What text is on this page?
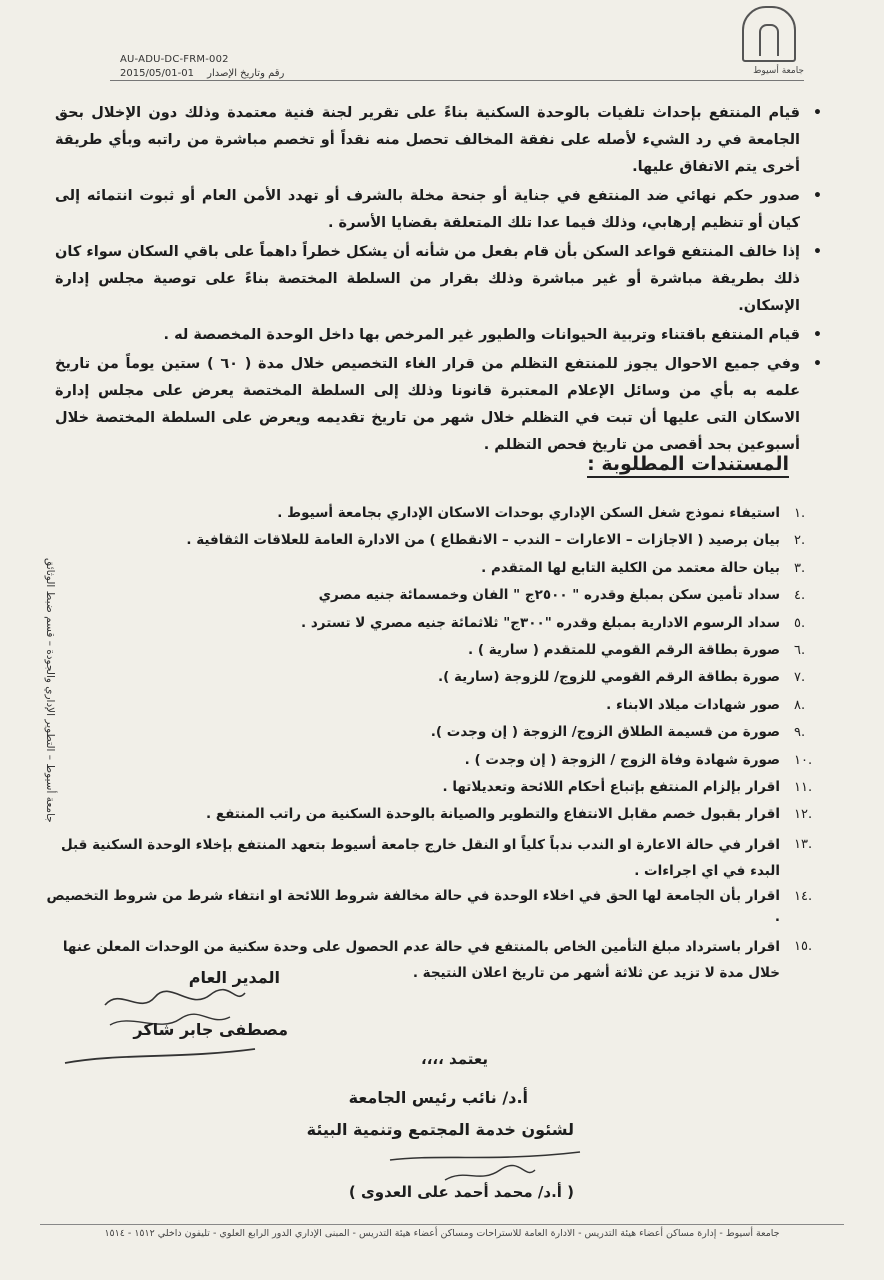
جامعة أسيوط
AU-ADU-DC-FRM-002
2015/05/01-01 رقم وتاريخ الإصدار
• قيام المنتفع بإحداث تلفيات بالوحدة السكنية بناءً على تقرير لجنة فنية معتمدة وذلك دون الإخلال بحق الجامعة في رد الشيء لأصله على نفقة المخالف تحصل منه نقداً أو تخصم مباشرة من راتبه وبأي طريقة أخرى يتم الاتفاق عليها.
• صدور حكم نهائي ضد المنتفع في جناية أو جنحة مخلة بالشرف أو تهدد الأمن العام أو ثبوت انتمائه إلى كيان أو تنظيم إرهابي، وذلك فيما عدا تلك المتعلقة بقضايا الأسرة .
• إذا خالف المنتفع قواعد السكن بأن قام بفعل من شأنه أن يشكل خطراً داهماً على باقي السكان سواء كان ذلك بطريقة مباشرة أو غير مباشرة وذلك بقرار من السلطة المختصة بناءً على توصية مجلس إدارة الإسكان.
• قيام المنتفع باقتناء وتربية الحيوانات والطيور غير المرخص بها داخل الوحدة المخصصة له .
• وفي جميع الاحوال يجوز للمنتفع التظلم من قرار الغاء التخصيص خلال مدة ( ٦٠ ) ستين يوماً من تاريخ علمه به بأي من وسائل الإعلام المعتبرة قانونا وذلك إلى السلطة المختصة يعرض على مجلس إدارة الاسكان التى عليها أن تبت في التظلم خلال شهر من تاريخ تقديمه ويعرض على السلطة المختصة خلال أسبوعين بحد أقصى من تاريخ فحص التظلم .
المستندات المطلوبة :
.١
استيفاء نموذج شغل السكن الإداري بوحدات الاسكان الإداري بجامعة أسيوط .
.٢
بيان برصيد ( الاجازات – الاعارات – الندب – الانقطاع ) من الادارة العامة للعلاقات الثقافية .
.٣
بيان حالة معتمد من الكلية التابع لها المتقدم .
.٤
سداد تأمين سكن بمبلغ وقدره " ٢٥٠٠ج " الفان وخمسمائة جنيه مصري
.٥
سداد الرسوم الادارية بمبلغ وقدره "٣٠٠ج" ثلاثمائة جنيه مصري لا تسترد .
.٦
صورة بطاقة الرقم القومي للمتقدم ( سارية ) .
.٧
صورة بطاقة الرقم القومي للزوج/ للزوجة (سارية ).
.٨
صور شهادات ميلاد الابناء .
.٩
صورة من قسيمة الطلاق الزوج/ الزوجة ( إن وجدت ).
.١٠
صورة شهادة وفاة الزوج / الزوجة ( إن وجدت ) .
.١١
اقرار بإلزام المنتفع بإتباع أحكام اللائحة وتعديلاتها .
.١٢
اقرار بقبول خصم مقابل الانتفاع والتطوير والصيانة بالوحدة السكنية من راتب المنتفع .
.١٣
اقرار في حالة الاعارة او الندب ندباً كلياً او النقل خارج جامعة أسيوط بتعهد المنتفع بإخلاء الوحدة السكنية قبل البدء في اي اجراءات .
.١٤
اقرار بأن الجامعة لها الحق في اخلاء الوحدة في حالة مخالفة شروط اللائحة او انتفاء شرط من شروط التخصيص .
.١٥
اقرار باسترداد مبلغ التأمين الخاص بالمنتفع في حالة عدم الحصول على وحدة سكنية من الوحدات المعلن عنها خلال مدة لا تزيد عن ثلاثة أشهر من تاريخ اعلان النتيجة .
جامعة أسيوط – التطوير الإداري والجودة – قسم ضبط الوثائق
المدير العام
مصطفى جابر شاكر
يعتمد ،،،،
أ.د/ نائب رئيس الجامعة
لشئون خدمة المجتمع وتنمية البيئة
( أ.د/ محمد أحمد على العدوى )
جامعة أسيوط - إدارة مساكن أعضاء هيئة التدريس - الادارة العامة للاستراحات ومساكن أعضاء هيئة التدريس - المبنى الإداري الدور الرابع العلوي - تليفون داخلي ١٥١٢ - ١٥١٤
